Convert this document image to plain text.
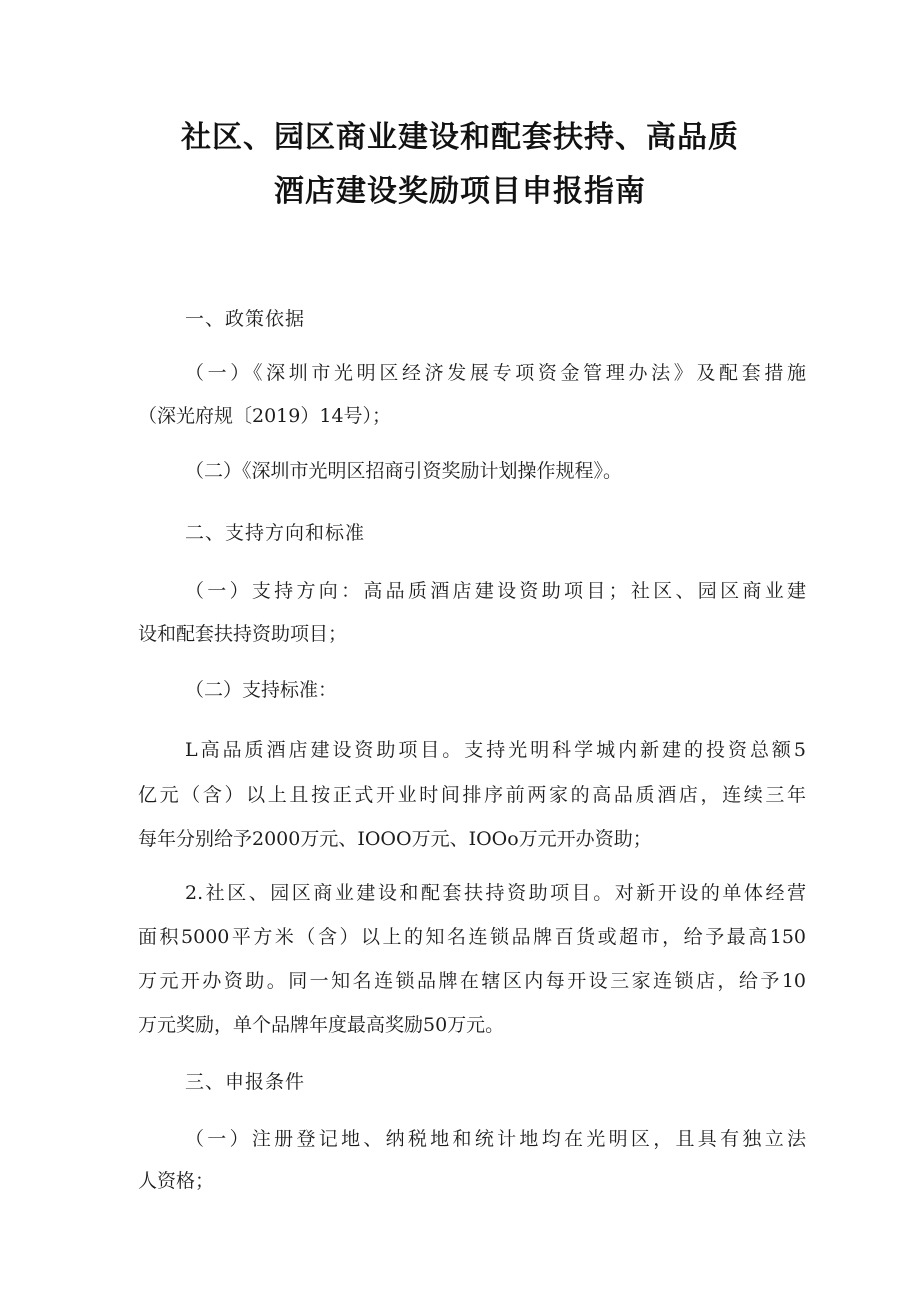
社区、园区商业建设和配套扶持、高品质
酒店建设奖励项目申报指南
一、政策依据
（一）《深圳市光明区经济发展专项资金管理办法》及配套措施
（深光府规〔2019）14号）；
（二）《深圳市光明区招商引资奖励计划操作规程》。
二、支持方向和标准
（一）支持方向：高品质酒店建设资助项目；社区、园区商业建
设和配套扶持资助项目；
（二）支持标准：
L高品质酒店建设资助项目。支持光明科学城内新建的投资总额5
亿元（含）以上且按正式开业时间排序前两家的高品质酒店，连续三年
每年分别给予2000万元、IOOO万元、IOOo万元开办资助；
2.社区、园区商业建设和配套扶持资助项目。对新开设的单体经营
面积5000平方米（含）以上的知名连锁品牌百货或超市，给予最高150
万元开办资助。同一知名连锁品牌在辖区内每开设三家连锁店，给予10
万元奖励，单个品牌年度最高奖励50万元。
三、申报条件
（一）注册登记地、纳税地和统计地均在光明区，且具有独立法
人资格；
